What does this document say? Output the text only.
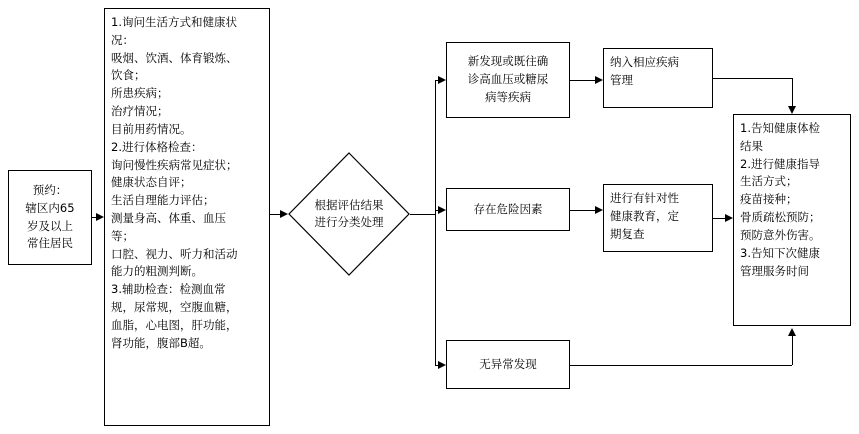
预约：
辖区内65
岁及以上
常住居民
1.询问生活方式和健康状
况：
吸烟、饮酒、体育锻炼、
饮食；
所患疾病；
治疗情况；
目前用药情况。
2.进行体格检查：
询问慢性疾病常见症状；
健康状态自评；
生活自理能力评估；
测量身高、体重、血压
等；
口腔、视力、听力和活动
能力的粗测判断。
3.辅助检查：检测血常
规，尿常规，空腹血糖，
血脂，心电图，肝功能，
肾功能，腹部B超。
根据评估结果
进行分类处理
新发现或既往确
诊高血压或糖尿
病等疾病
存在危险因素
无异常发现
纳入相应疾病
管理
进行有针对性
健康教育，定
期复查
1.告知健康体检
结果
2.进行健康指导
生活方式；
疫苗接种；
骨质疏松预防；
预防意外伤害。
3.告知下次健康
管理服务时间
